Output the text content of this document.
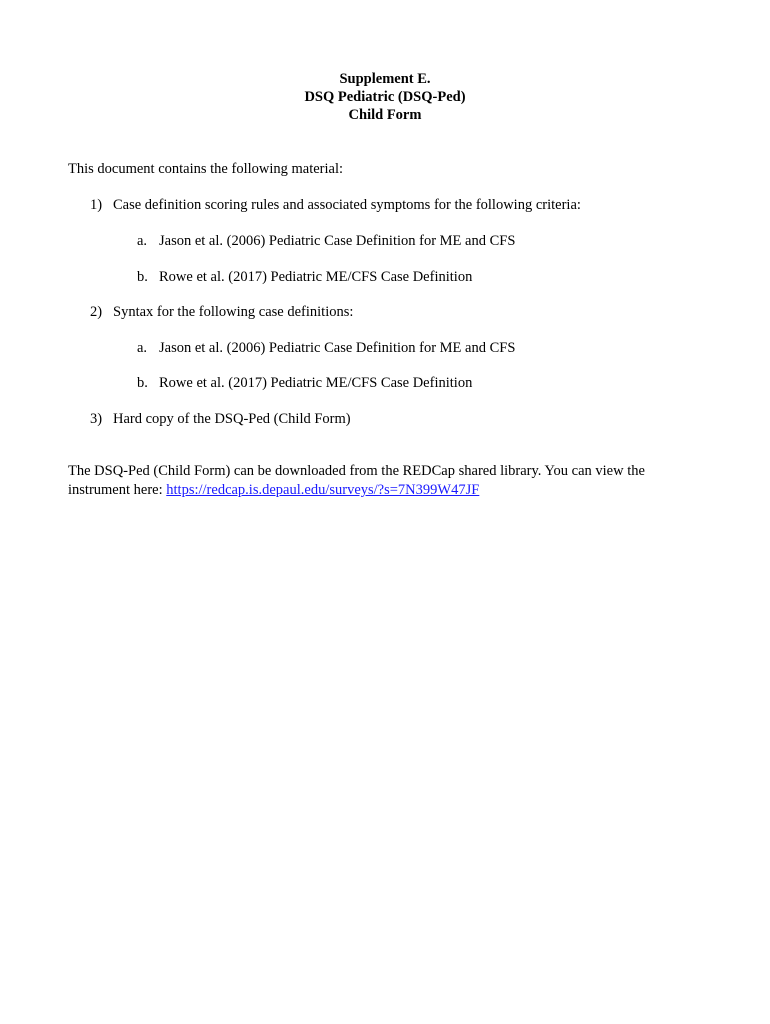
Supplement E.
DSQ Pediatric (DSQ-Ped)
Child Form
This document contains the following material:
1) Case definition scoring rules and associated symptoms for the following criteria:
a. Jason et al. (2006) Pediatric Case Definition for ME and CFS
b. Rowe et al. (2017) Pediatric ME/CFS Case Definition
2) Syntax for the following case definitions:
a. Jason et al. (2006) Pediatric Case Definition for ME and CFS
b. Rowe et al. (2017) Pediatric ME/CFS Case Definition
3) Hard copy of the DSQ-Ped (Child Form)
The DSQ-Ped (Child Form) can be downloaded from the REDCap shared library. You can view the instrument here: https://redcap.is.depaul.edu/surveys/?s=7N399W47JF
